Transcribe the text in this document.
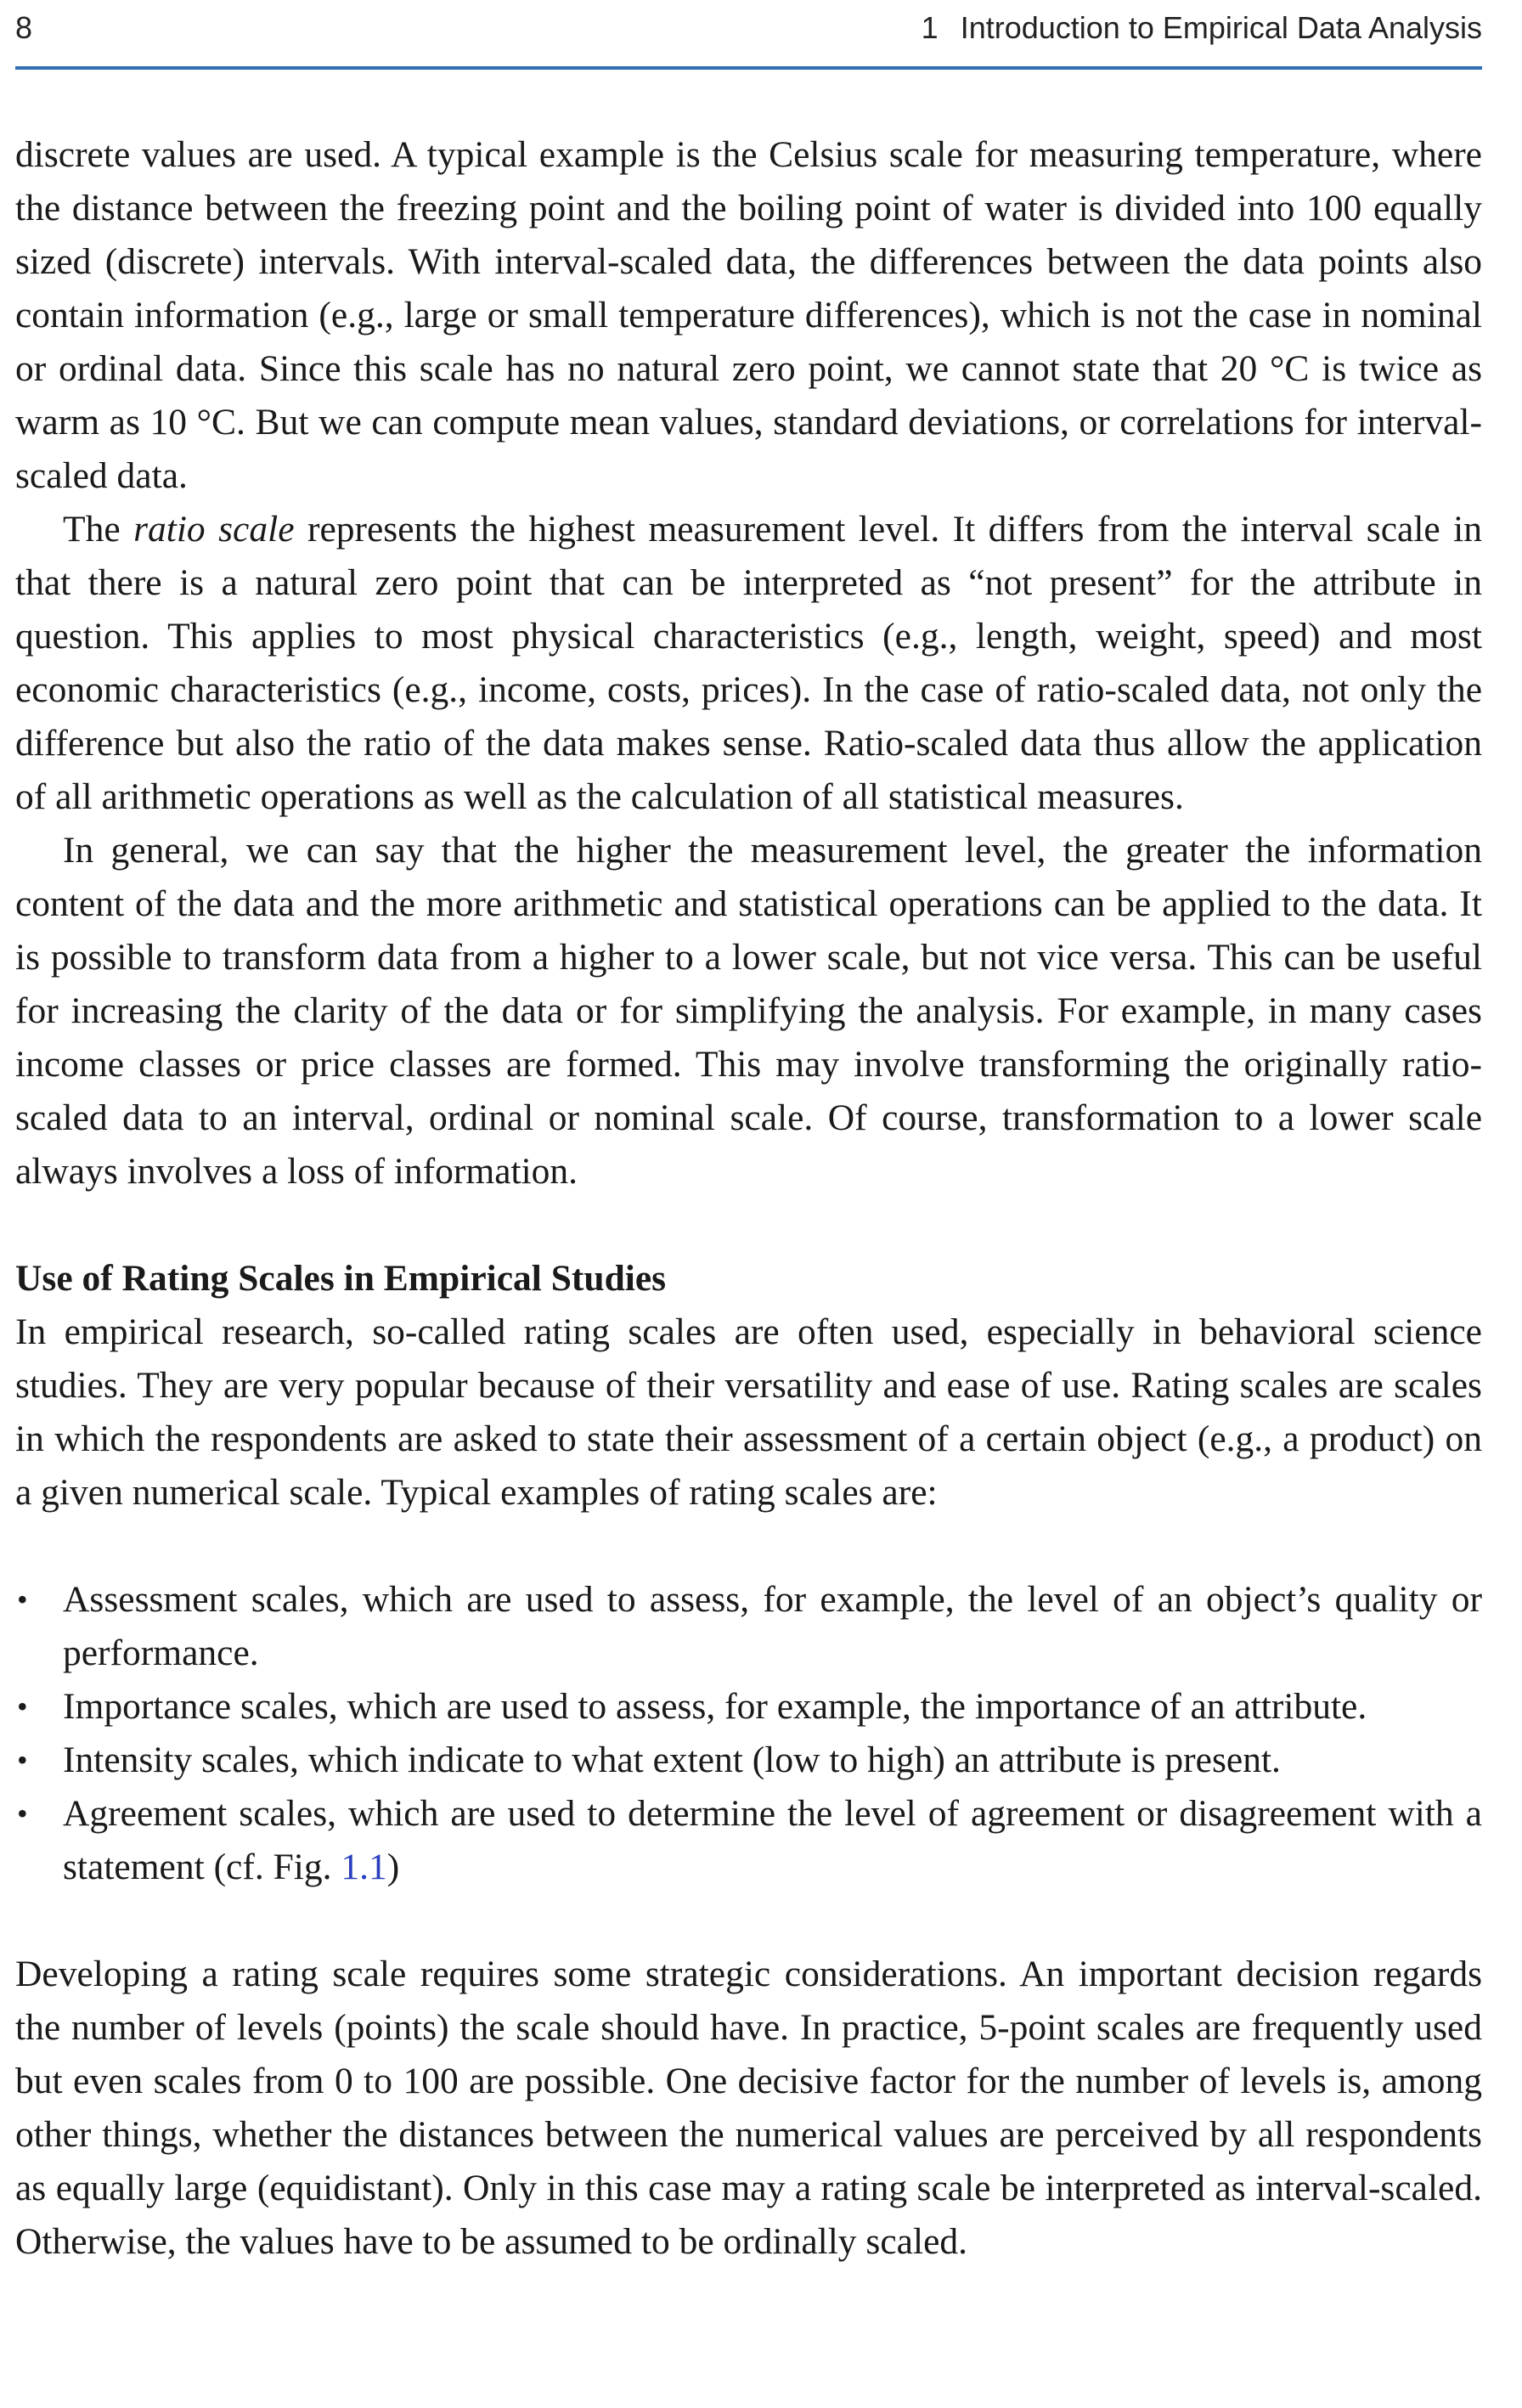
8	1 Introduction to Empirical Data Analysis

discrete values are used. A typical example is the Celsius scale for measuring temperature, where the distance between the freezing point and the boiling point of water is divided into 100 equally sized (discrete) intervals. With interval-scaled data, the differences between the data points also contain information (e.g., large or small temperature differences), which is not the case in nominal or ordinal data. Since this scale has no natural zero point, we cannot state that 20 °C is twice as warm as 10 °C. But we can compute mean values, standard deviations, or correlations for interval-scaled data.

The ratio scale represents the highest measurement level. It differs from the interval scale in that there is a natural zero point that can be interpreted as “not present” for the attribute in question. This applies to most physical characteristics (e.g., length, weight, speed) and most economic characteristics (e.g., income, costs, prices). In the case of ratio-scaled data, not only the difference but also the ratio of the data makes sense. Ratio-scaled data thus allow the application of all arithmetic operations as well as the calculation of all statistical measures.

In general, we can say that the higher the measurement level, the greater the information content of the data and the more arithmetic and statistical operations can be applied to the data. It is possible to transform data from a higher to a lower scale, but not vice versa. This can be useful for increasing the clarity of the data or for simplifying the analysis. For example, in many cases income classes or price classes are formed. This may involve transforming the originally ratio-scaled data to an interval, ordinal or nominal scale. Of course, transformation to a lower scale always involves a loss of information.

Use of Rating Scales in Empirical Studies

In empirical research, so-called rating scales are often used, especially in behavioral science studies. They are very popular because of their versatility and ease of use. Rating scales are scales in which the respondents are asked to state their assessment of a certain object (e.g., a product) on a given numerical scale. Typical examples of rating scales are:

• Assessment scales, which are used to assess, for example, the level of an object’s quality or performance.
• Importance scales, which are used to assess, for example, the importance of an attribute.
• Intensity scales, which indicate to what extent (low to high) an attribute is present.
• Agreement scales, which are used to determine the level of agreement or disagreement with a statement (cf. Fig. 1.1)

Developing a rating scale requires some strategic considerations. An important decision regards the number of levels (points) the scale should have. In practice, 5-point scales are frequently used but even scales from 0 to 100 are possible. One decisive factor for the number of levels is, among other things, whether the distances between the numerical values are perceived by all respondents as equally large (equidistant). Only in this case may a rating scale be interpreted as interval-scaled. Otherwise, the values have to be assumed to be ordinally scaled.
